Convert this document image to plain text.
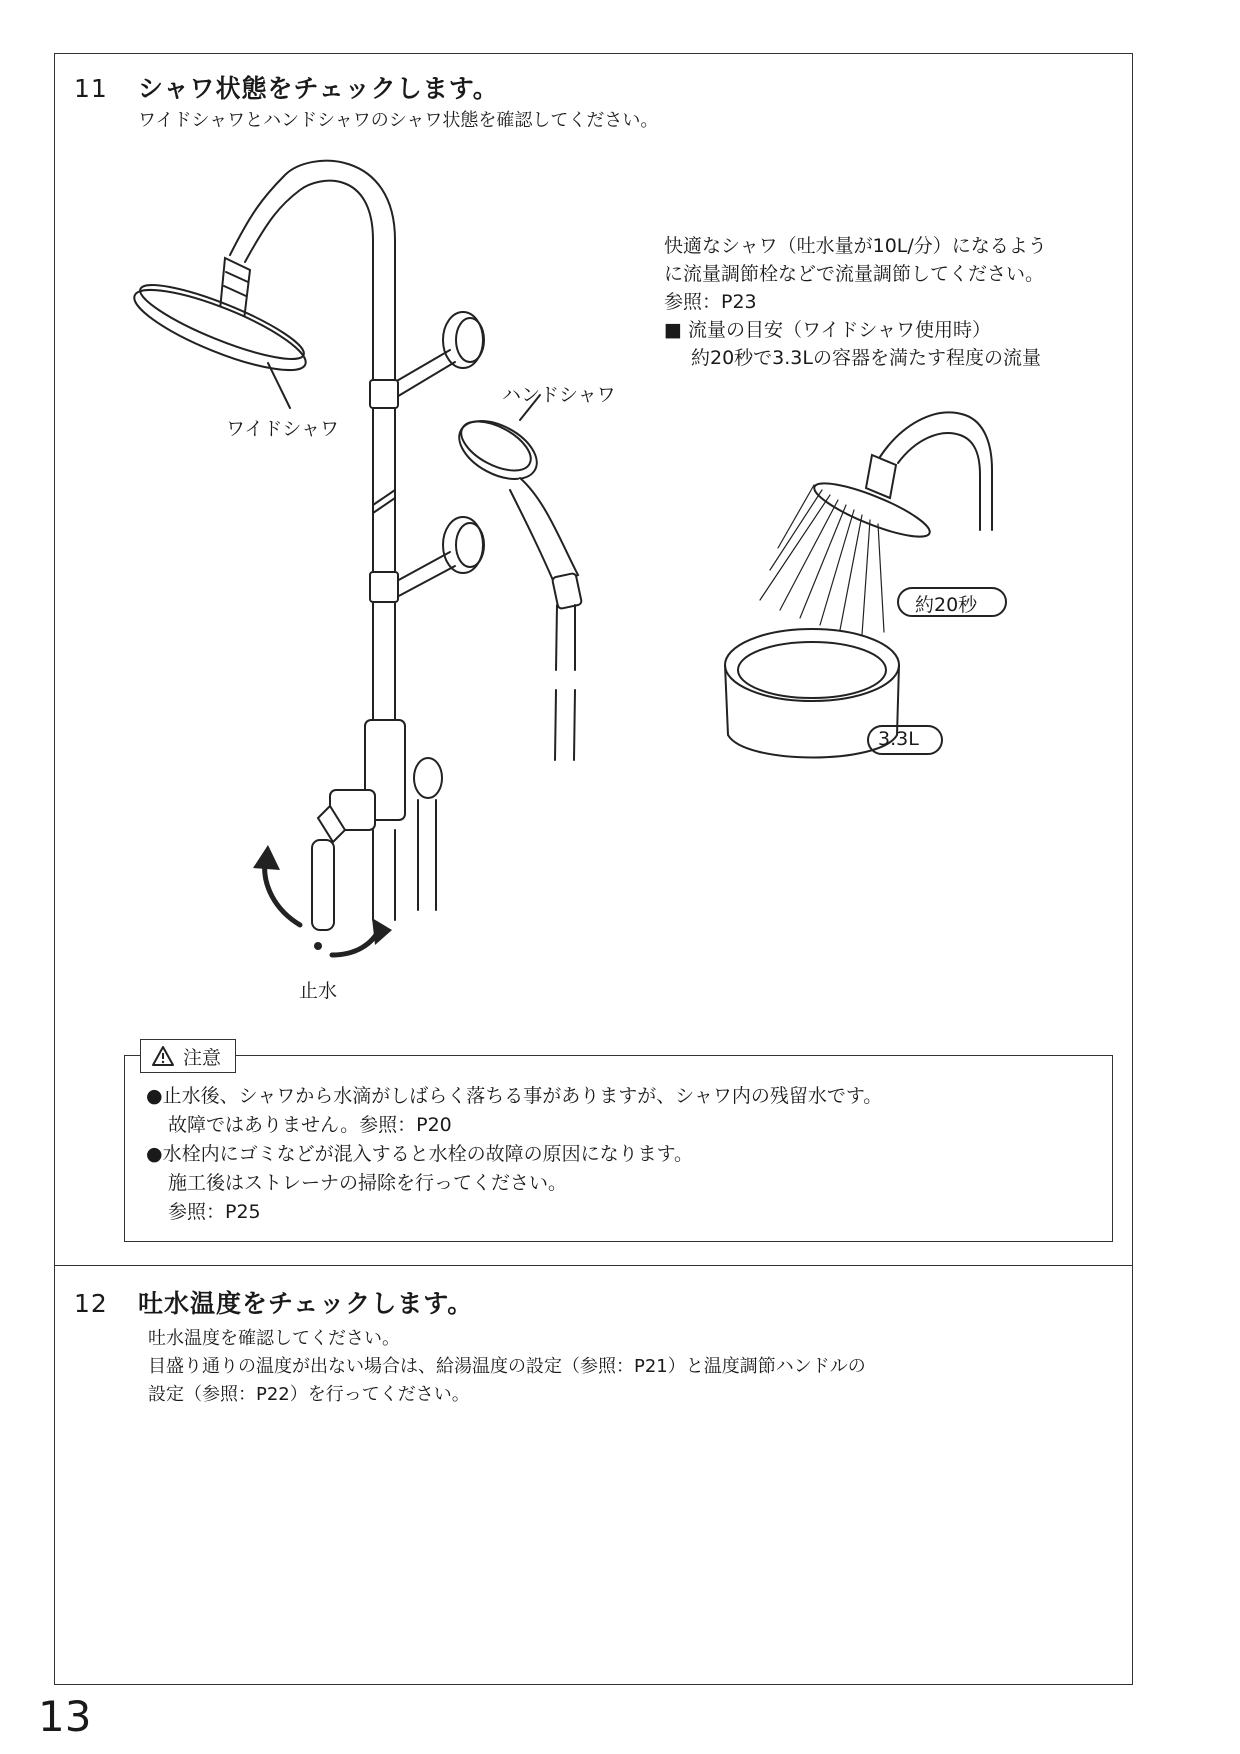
11 シャワ状態をチェックします。
ワイドシャワとハンドシャワのシャワ状態を確認してください。
快適なシャワ（吐水量が10L/分）になるよう
に流量調節栓などで流量調節してください。
参照：P23
■ 流量の目安（ワイドシャワ使用時）
約20秒で3.3Lの容器を満たす程度の流量
ワイドシャワ
ハンドシャワ
止水
約20秒
3.3L
注意
●止水後、シャワから水滴がしばらく落ちる事がありますが、シャワ内の残留水です。
故障ではありません。参照：P20
●水栓内にゴミなどが混入すると水栓の故障の原因になります。
施工後はストレーナの掃除を行ってください。
参照：P25
12 吐水温度をチェックします。
吐水温度を確認してください。
目盛り通りの温度が出ない場合は、給湯温度の設定（参照：P21）と温度調節ハンドルの
設定（参照：P22）を行ってください。
13
